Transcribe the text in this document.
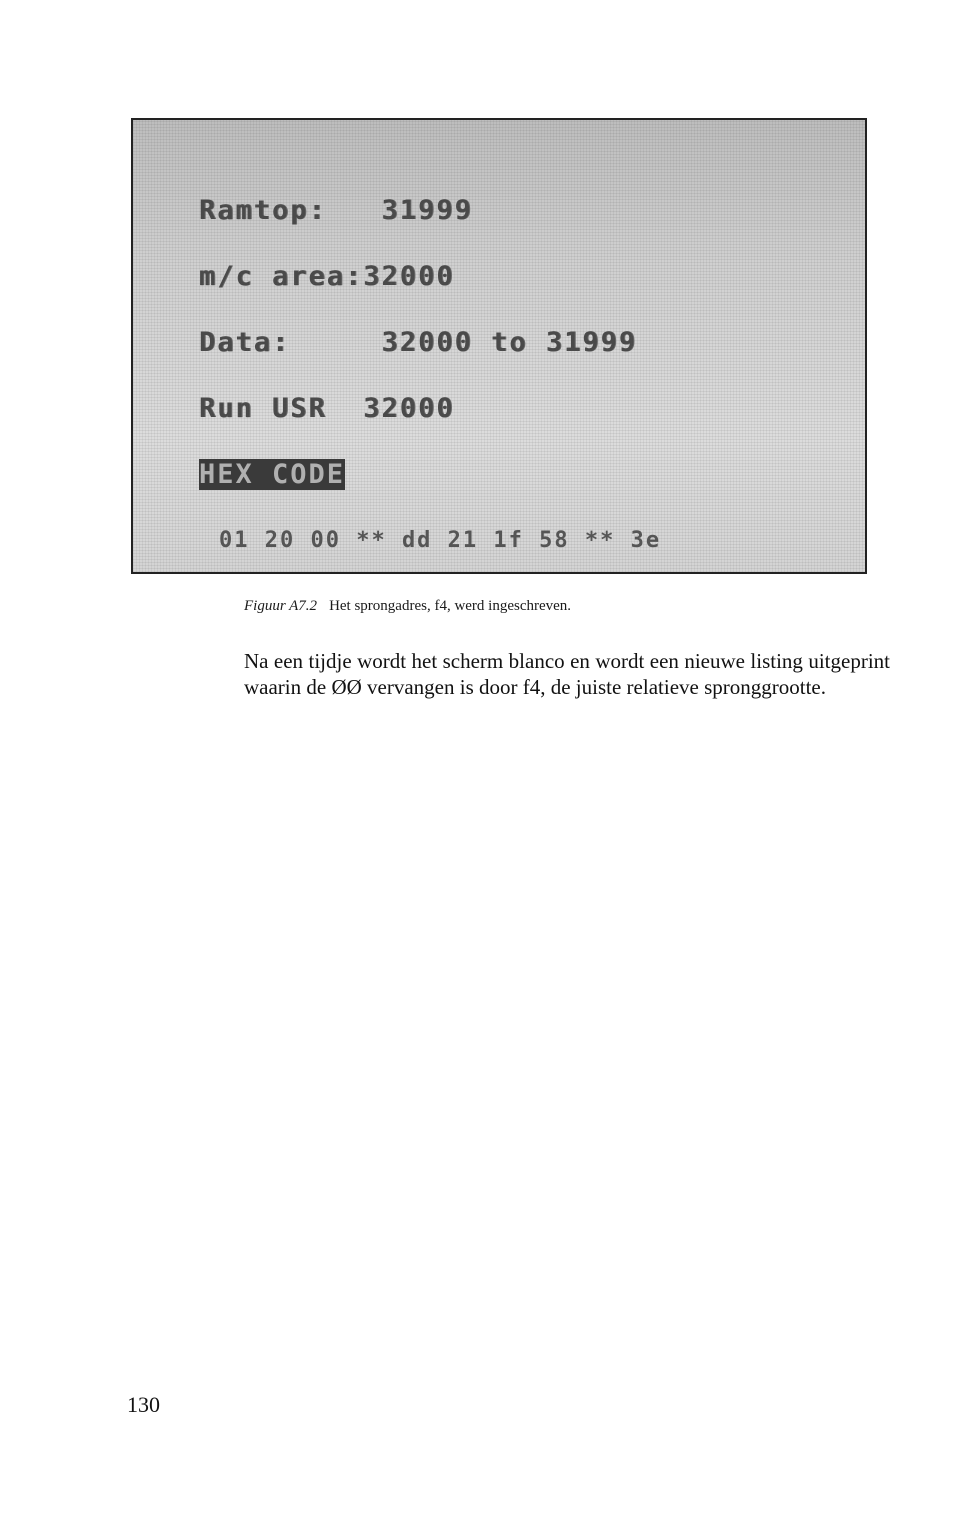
Ramtop:   31999

m/c area:32000

Data:     32000 to 31999

Run USR  32000

HEX CODE

01 20 00 ** dd 21 1f 58 ** 3e

Figuur A7.2 Het sprongadres, f4, werd ingeschreven.

Na een tijdje wordt het scherm blanco en wordt een nieuwe listing uitgeprint waarin de ØØ vervangen is door f4, de juiste relatieve spronggrootte.

130
